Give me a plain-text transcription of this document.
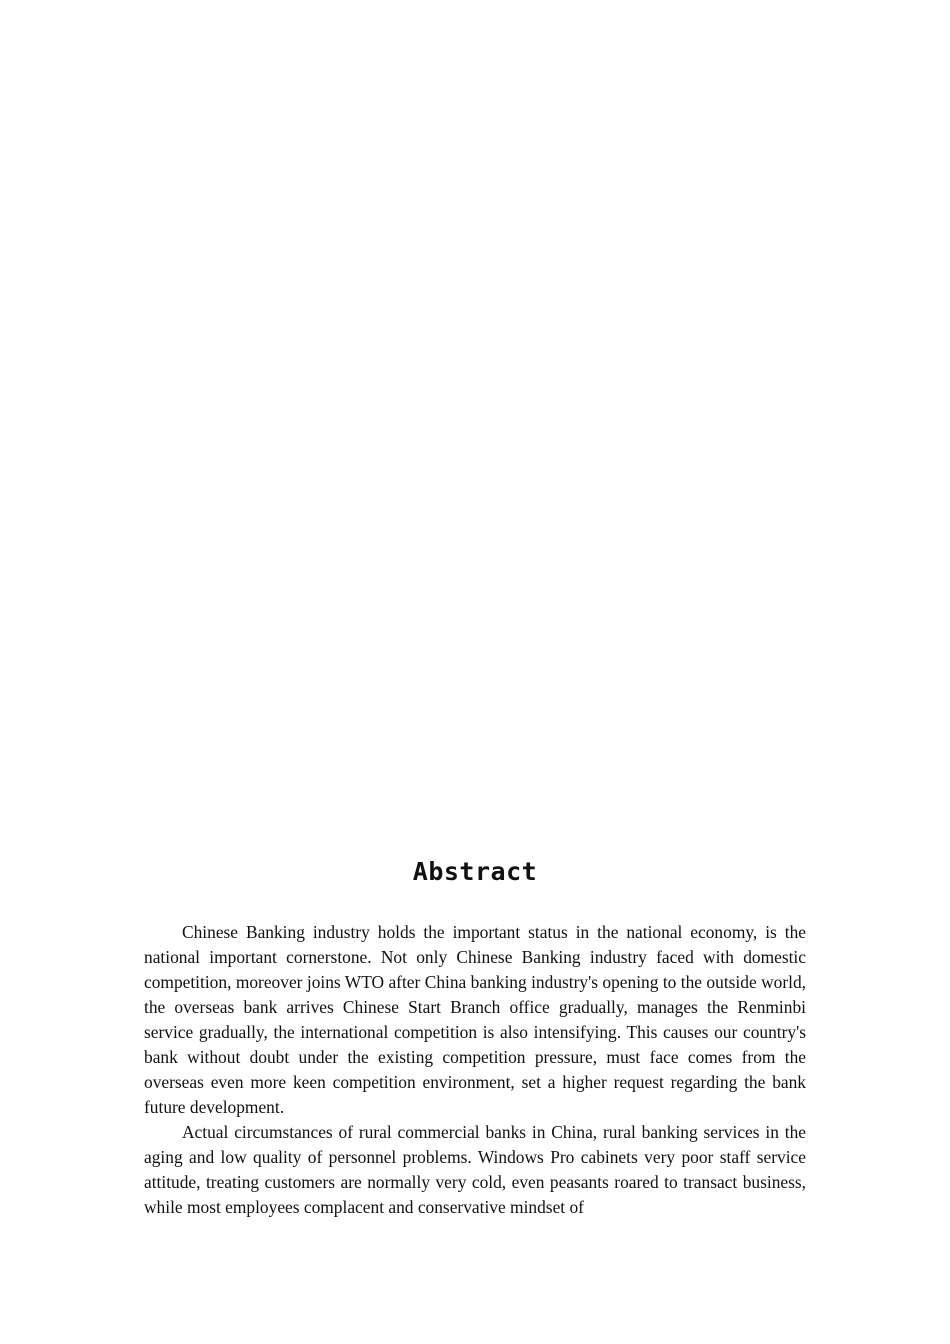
Abstract

Chinese Banking industry holds the important status in the national economy, is the national important cornerstone. Not only Chinese Banking industry faced with domestic competition, moreover joins WTO after China banking industry's opening to the outside world, the overseas bank arrives Chinese Start Branch office gradually, manages the Renminbi service gradually, the international competition is also intensifying. This causes our country's bank without doubt under the existing competition pressure, must face comes from the overseas even more keen competition environment, set a higher request regarding the bank future development.

Actual circumstances of rural commercial banks in China, rural banking services in the aging and low quality of personnel problems. Windows Pro cabinets very poor staff service attitude, treating customers are normally very cold, even peasants roared to transact business, while most employees complacent and conservative mindset of
